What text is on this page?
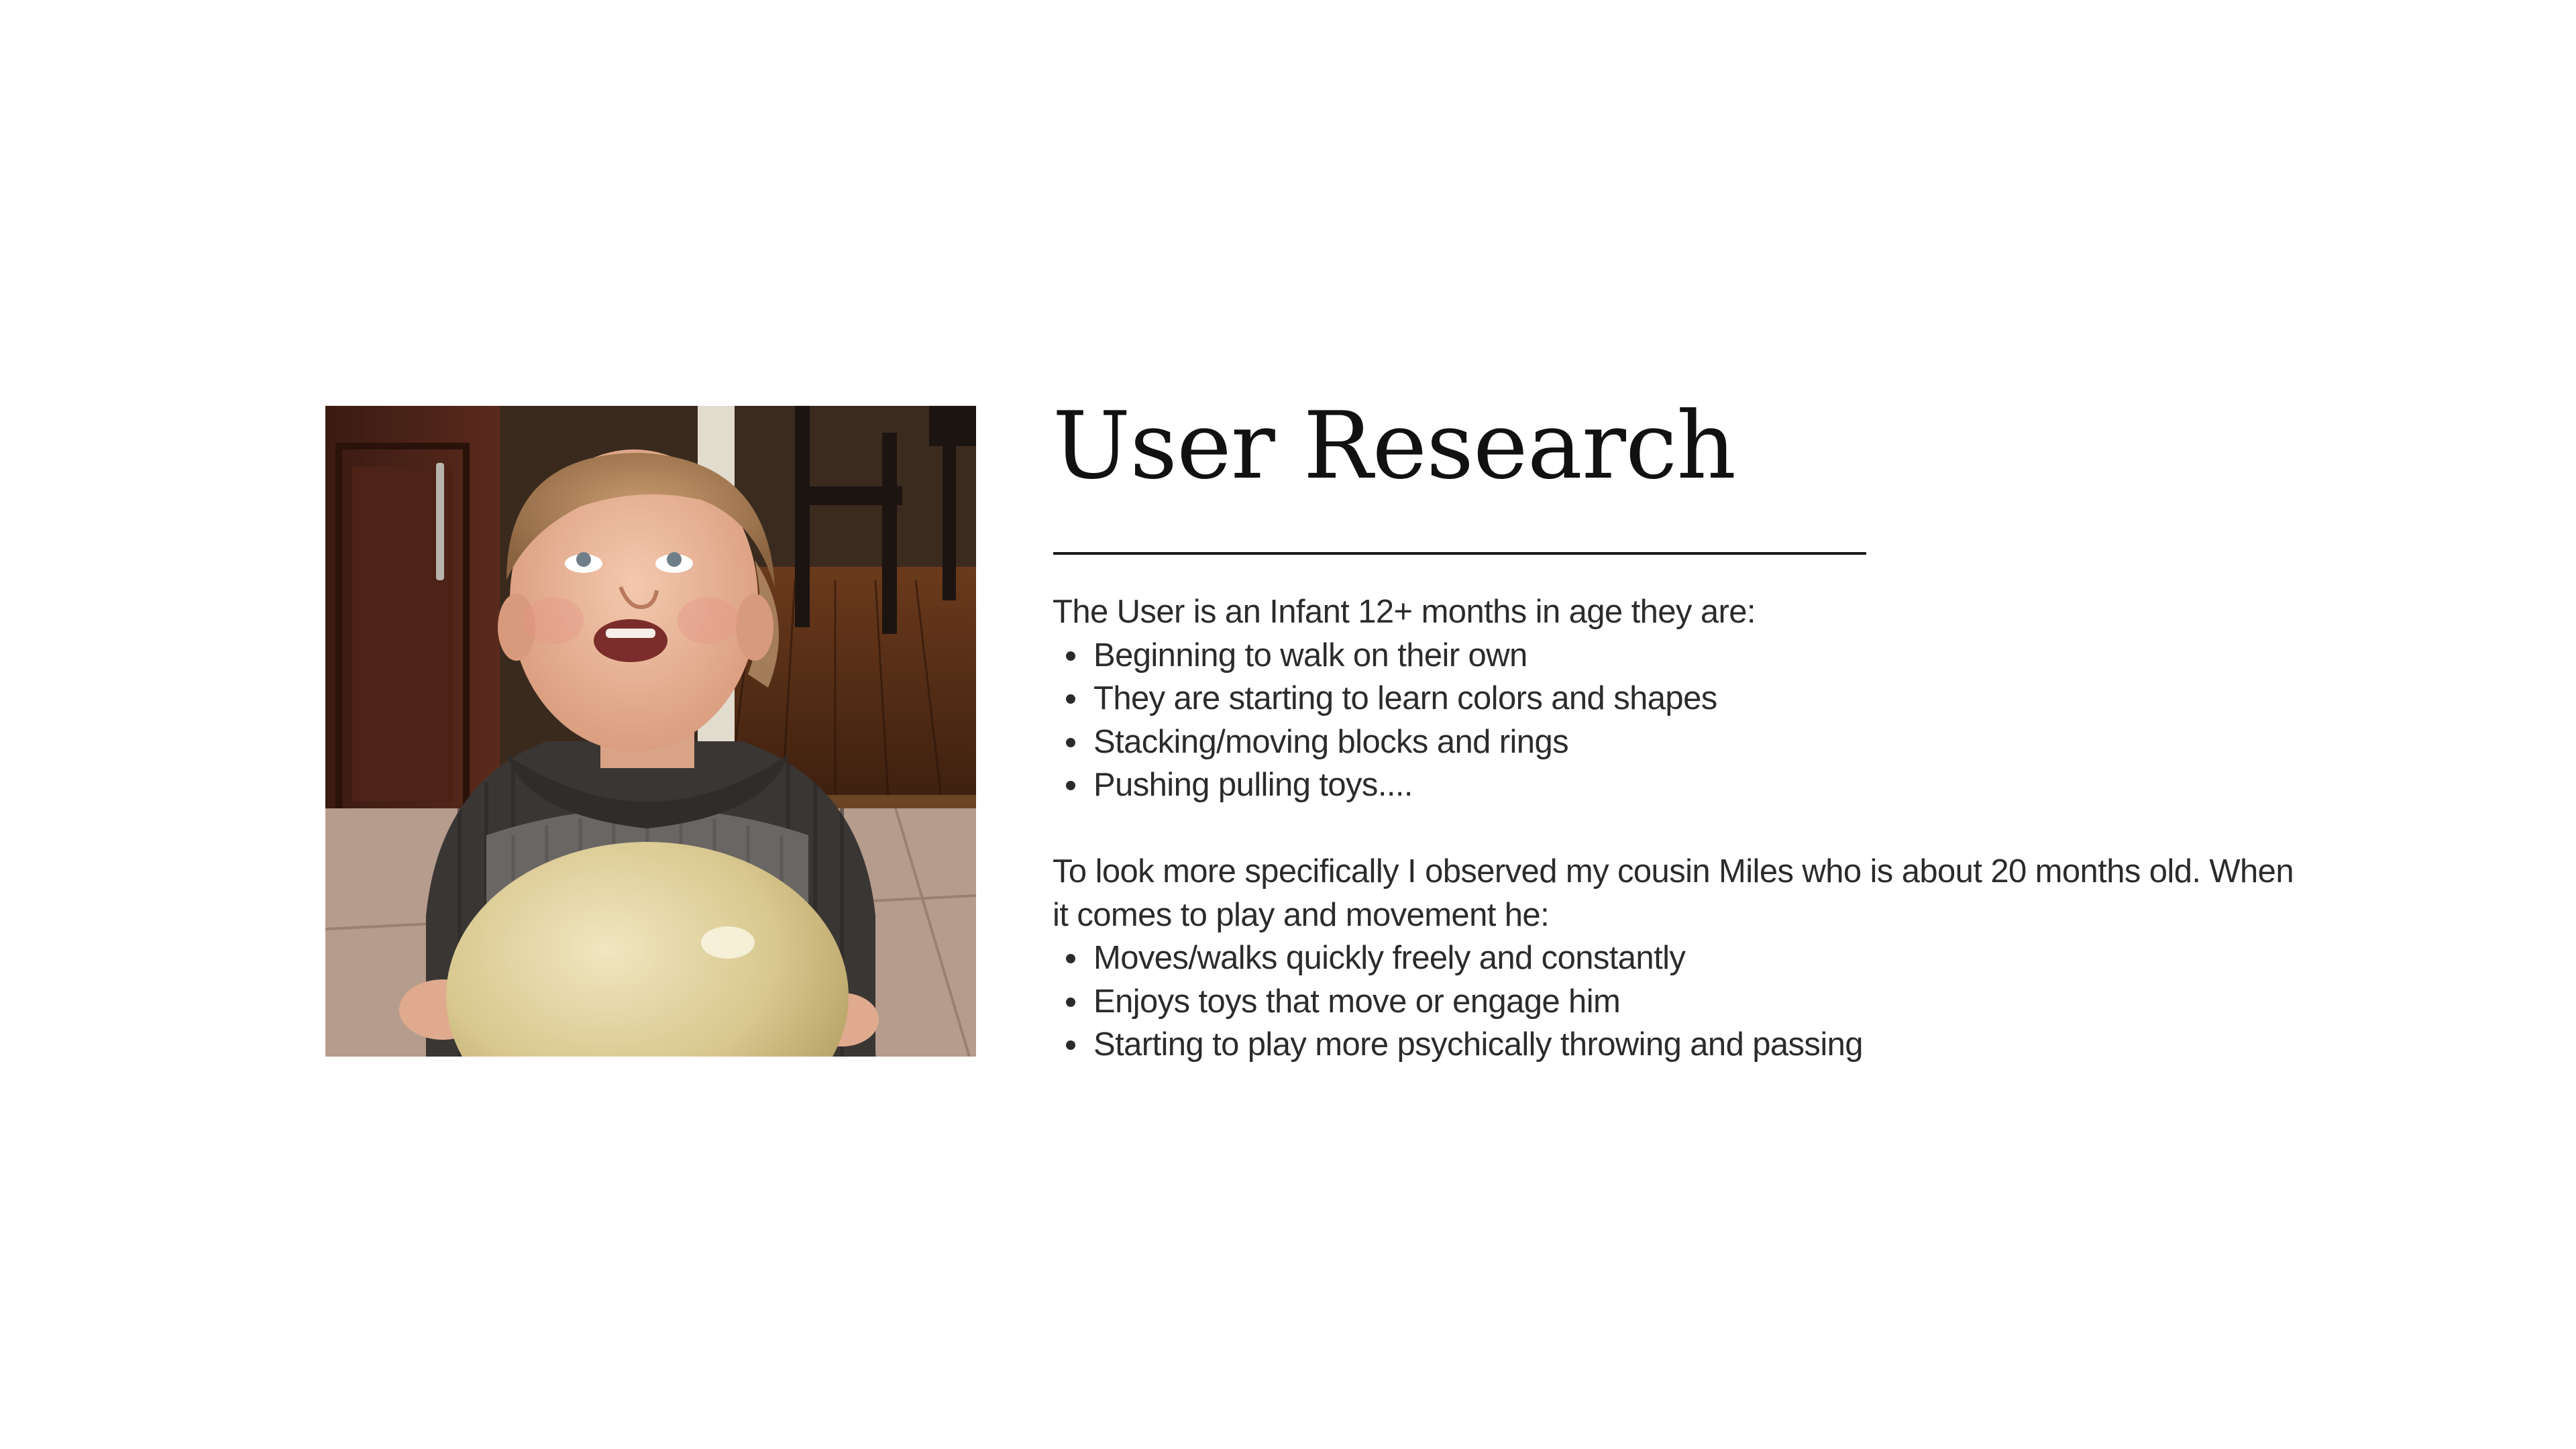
User Research

The User is an Infant 12+ months in age they are:

Beginning to walk on their own
They are starting to learn colors and shapes
Stacking/moving blocks and rings
Pushing pulling toys....

To look more specifically I observed my cousin Miles who is about 20 months old. When it comes to play and movement he:

Moves/walks quickly freely and constantly
Enjoys toys that move or engage him
Starting to play more psychically throwing and passing
